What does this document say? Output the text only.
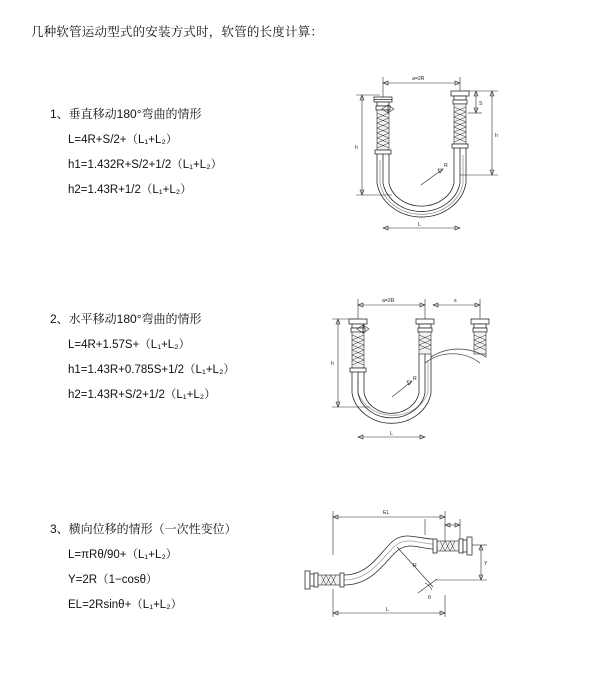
几种软管运动型式的安装方式时，软管的长度计算：

1、垂直移动180°弯曲的情形

L=4R+S/2+（L₁+L₂）

h1=1.432R+S/2+1/2（L₁+L₂）

h2=1.43R+1/2（L₁+L₂）

a=2R
S
h
h
R
L

2、水平移动180°弯曲的情形

L=4R+1.57S+（L₁+L₂）

h1=1.43R+0.785S+1/2（L₁+L₂）

h2=1.43R+S/2+1/2（L₁+L₂）

a=2R	s
h
R
L

3、横向位移的情形（一次性变位）

L=πRθ/90+（L₁+L₂）

Y=2R（1−cosθ）

EL=2Rsinθ+（L₁+L₂）

EL
Y
θ
R
L
